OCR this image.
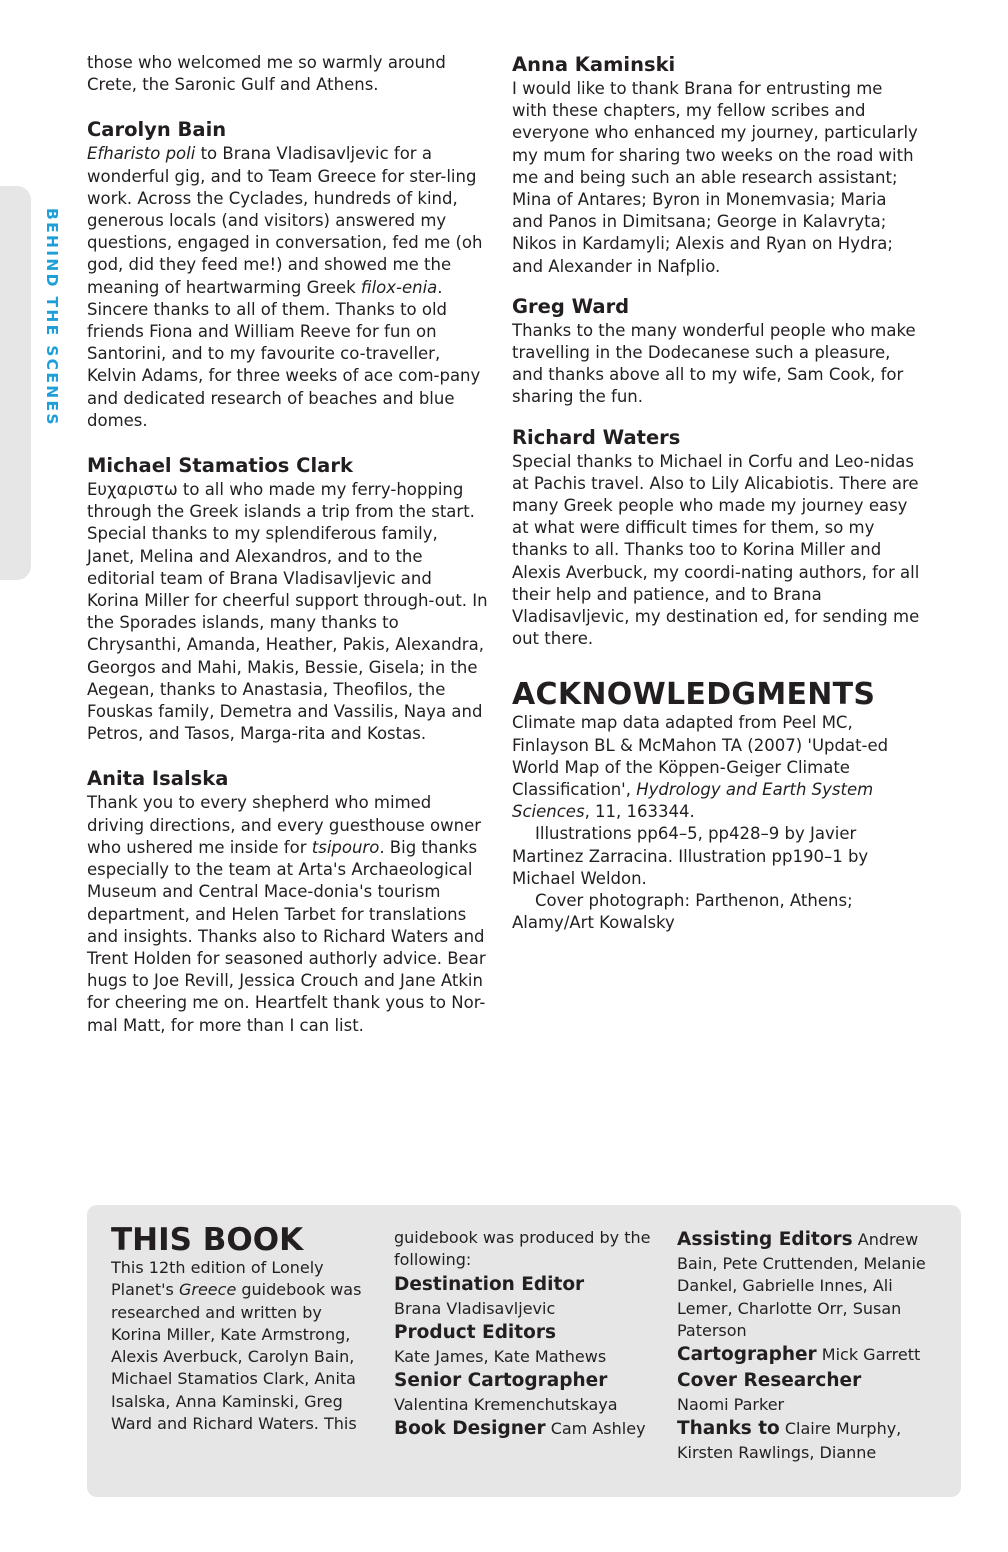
BEHIND THE SCENES

those who welcomed me so warmly around Crete, the Saronic Gulf and Athens.

Carolyn Bain

Efharisto poli to Brana Vladisavljevic for a wonderful gig, and to Team Greece for ster-ling work. Across the Cyclades, hundreds of kind, generous locals (and visitors) answered my questions, engaged in conversation, fed me (oh god, did they feed me!) and showed me the meaning of heartwarming Greek filox-enia. Sincere thanks to all of them. Thanks to old friends Fiona and William Reeve for fun on Santorini, and to my favourite co-traveller, Kelvin Adams, for three weeks of ace com-pany and dedicated research of beaches and blue domes.

Michael Stamatios Clark

Ευχαριστω to all who made my ferry-hopping through the Greek islands a trip from the start. Special thanks to my splendiferous family, Janet, Melina and Alexandros, and to the editorial team of Brana Vladisavljevic and Korina Miller for cheerful support through-out. In the Sporades islands, many thanks to Chrysanthi, Amanda, Heather, Pakis, Alexandra, Georgos and Mahi, Makis, Bessie, Gisela; in the Aegean, thanks to Anastasia, Theofilos, the Fouskas family, Demetra and Vassilis, Naya and Petros, and Tasos, Marga-rita and Kostas.

Anita Isalska

Thank you to every shepherd who mimed driving directions, and every guesthouse owner who ushered me inside for tsipouro. Big thanks especially to the team at Arta's Archaeological Museum and Central Mace-donia's tourism department, and Helen Tarbet for translations and insights. Thanks also to Richard Waters and Trent Holden for seasoned authorly advice. Bear hugs to Joe Revill, Jessica Crouch and Jane Atkin for cheering me on. Heartfelt thank yous to Nor-mal Matt, for more than I can list.

Anna Kaminski

I would like to thank Brana for entrusting me with these chapters, my fellow scribes and everyone who enhanced my journey, particularly my mum for sharing two weeks on the road with me and being such an able research assistant; Mina of Antares; Byron in Monemvasia; Maria and Panos in Dimitsana; George in Kalavryta; Nikos in Kardamyli; Alexis and Ryan on Hydra; and Alexander in Nafplio.

Greg Ward

Thanks to the many wonderful people who make travelling in the Dodecanese such a pleasure, and thanks above all to my wife, Sam Cook, for sharing the fun.

Richard Waters

Special thanks to Michael in Corfu and Leo-nidas at Pachis travel. Also to Lily Alicabiotis. There are many Greek people who made my journey easy at what were difficult times for them, so my thanks to all. Thanks too to Korina Miller and Alexis Averbuck, my coordi-nating authors, for all their help and patience, and to Brana Vladisavljevic, my destination ed, for sending me out there.

ACKNOWLEDGMENTS

Climate map data adapted from Peel MC, Finlayson BL & McMahon TA (2007) 'Updat-ed World Map of the Köppen-Geiger Climate Classification', Hydrology and Earth System Sciences, 11, 163344.

Illustrations pp64–5, pp428–9 by Javier Martinez Zarracina. Illustration pp190–1 by Michael Weldon.

Cover photograph: Parthenon, Athens; Alamy/Art Kowalsky

THIS BOOK

This 12th edition of Lonely Planet's Greece guidebook was researched and written by Korina Miller, Kate Armstrong, Alexis Averbuck, Carolyn Bain, Michael Stamatios Clark, Anita Isalska, Anna Kaminski, Greg Ward and Richard Waters. This

guidebook was produced by the following:

Destination Editor
Brana Vladisavljevic
Product Editors
Kate James, Kate Mathews
Senior Cartographer
Valentina Kremenchutskaya
Book Designer Cam Ashley
Assisting Editors Andrew Bain, Pete Cruttenden, Melanie Dankel, Gabrielle Innes, Ali Lemer, Charlotte Orr, Susan Paterson
Cartographer Mick Garrett
Cover Researcher
Naomi Parker
Thanks to Claire Murphy, Kirsten Rawlings, Dianne
